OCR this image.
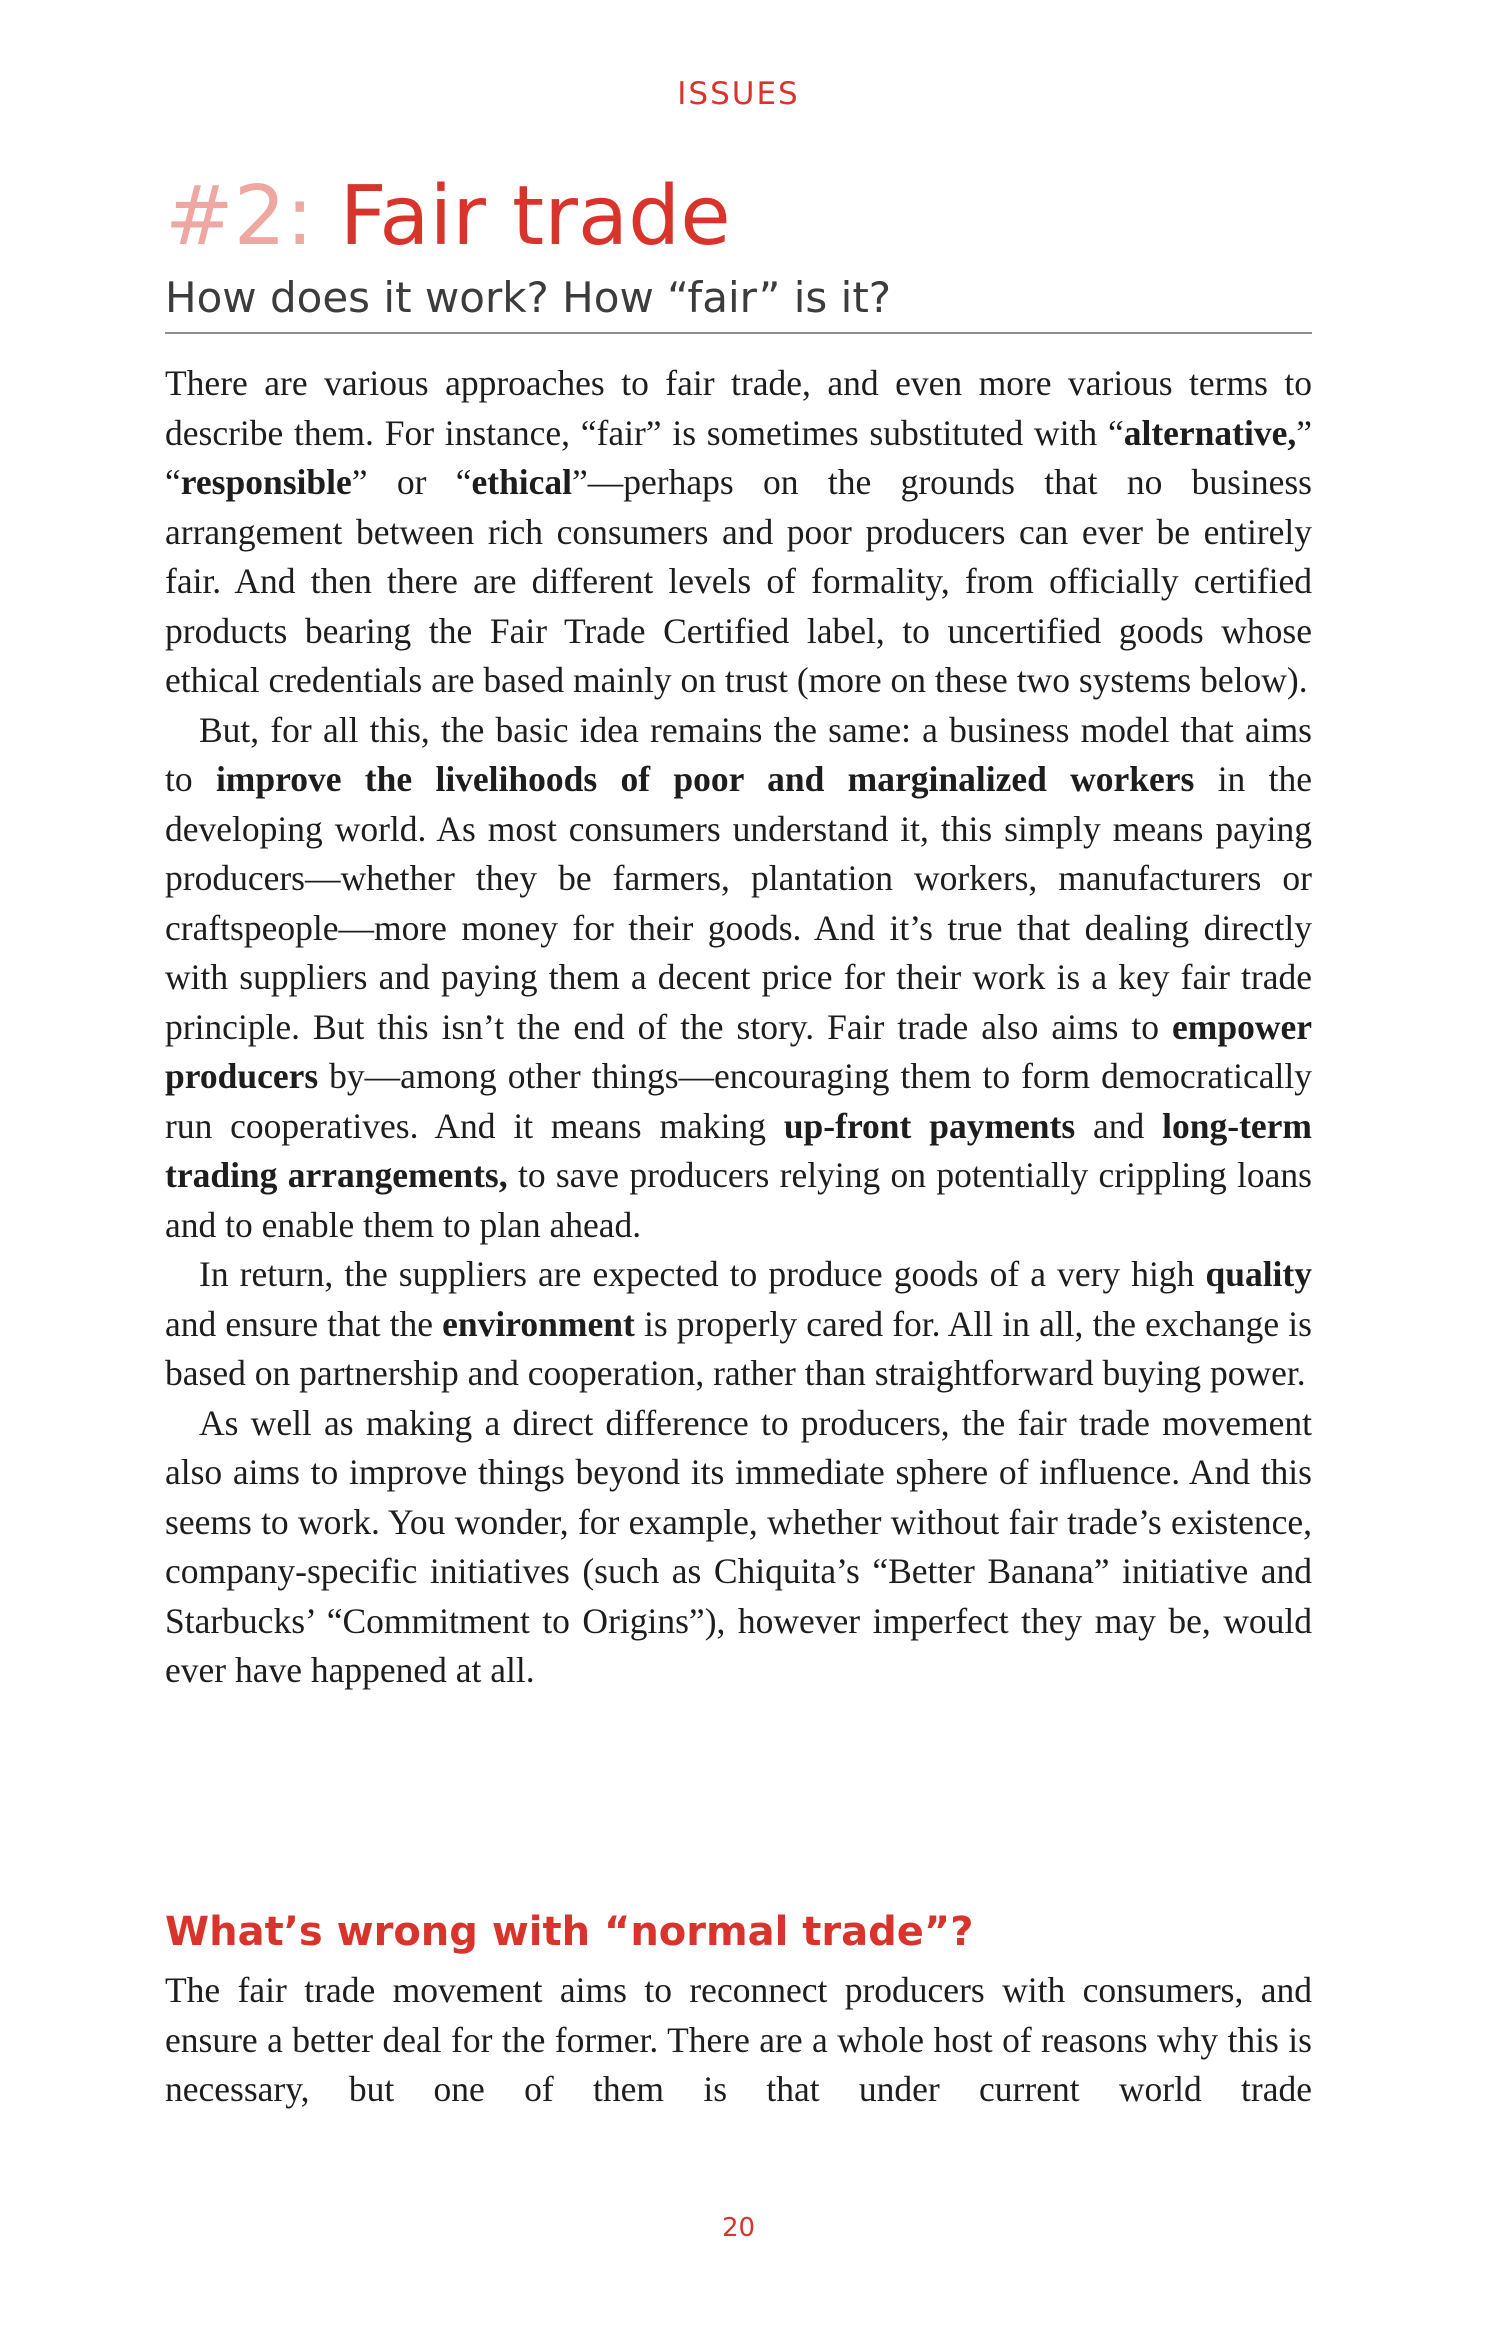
ISSUES
#2: Fair trade
How does it work? How “fair” is it?

There are various approaches to fair trade, and even more various terms to describe them. For instance, “fair” is sometimes substituted with “alternative,” “responsible” or “ethical”—perhaps on the grounds that no business arrangement between rich consumers and poor producers can ever be entirely fair. And then there are different levels of formality, from officially certified products bearing the Fair Trade Certified label, to uncertified goods whose ethical credentials are based mainly on trust (more on these two systems below).

But, for all this, the basic idea remains the same: a business model that aims to improve the livelihoods of poor and marginalized workers in the developing world. As most consumers understand it, this simply means paying producers—whether they be farmers, plantation workers, manufacturers or craftspeople—more money for their goods. And it’s true that dealing directly with suppliers and paying them a decent price for their work is a key fair trade principle. But this isn’t the end of the story. Fair trade also aims to empower producers by—among other things—encouraging them to form democratically run cooperatives. And it means making up-front payments and long-term trading arrangements, to save producers relying on potentially crippling loans and to enable them to plan ahead.

In return, the suppliers are expected to produce goods of a very high quality and ensure that the environment is properly cared for. All in all, the exchange is based on partnership and cooperation, rather than straightforward buying power.

As well as making a direct difference to producers, the fair trade movement also aims to improve things beyond its immediate sphere of influence. And this seems to work. You wonder, for example, whether without fair trade’s existence, company-specific initiatives (such as Chiquita’s “Better Banana” initiative and Starbucks’ “Commitment to Origins”), however imperfect they may be, would ever have happened at all.

What’s wrong with “normal trade”?

The fair trade movement aims to reconnect producers with consumers, and ensure a better deal for the former. There are a whole host of reasons why this is necessary, but one of them is that under current world trade

20
